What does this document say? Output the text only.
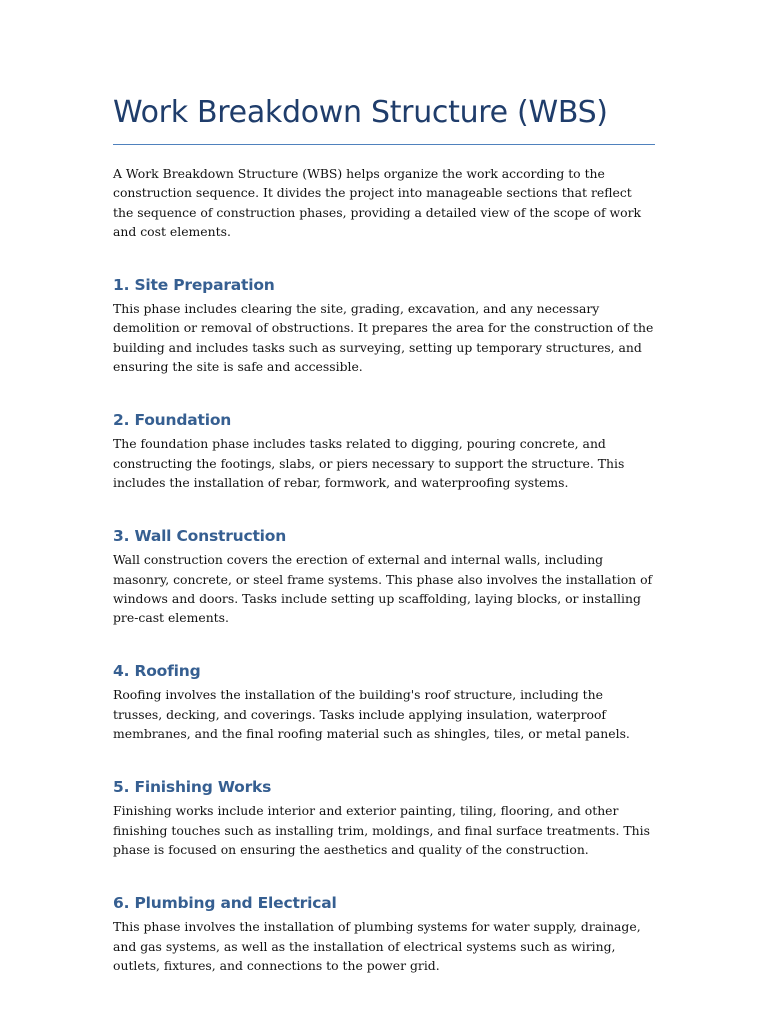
Work Breakdown Structure (WBS)

A Work Breakdown Structure (WBS) helps organize the work according to the construction sequence. It divides the project into manageable sections that reflect the sequence of construction phases, providing a detailed view of the scope of work and cost elements.

1. Site Preparation

This phase includes clearing the site, grading, excavation, and any necessary demolition or removal of obstructions. It prepares the area for the construction of the building and includes tasks such as surveying, setting up temporary structures, and ensuring the site is safe and accessible.

2. Foundation

The foundation phase includes tasks related to digging, pouring concrete, and constructing the footings, slabs, or piers necessary to support the structure. This includes the installation of rebar, formwork, and waterproofing systems.

3. Wall Construction

Wall construction covers the erection of external and internal walls, including masonry, concrete, or steel frame systems. This phase also involves the installation of windows and doors. Tasks include setting up scaffolding, laying blocks, or installing pre-cast elements.

4. Roofing

Roofing involves the installation of the building's roof structure, including the trusses, decking, and coverings. Tasks include applying insulation, waterproof membranes, and the final roofing material such as shingles, tiles, or metal panels.

5. Finishing Works

Finishing works include interior and exterior painting, tiling, flooring, and other finishing touches such as installing trim, moldings, and final surface treatments. This phase is focused on ensuring the aesthetics and quality of the construction.

6. Plumbing and Electrical

This phase involves the installation of plumbing systems for water supply, drainage, and gas systems, as well as the installation of electrical systems such as wiring, outlets, fixtures, and connections to the power grid.
